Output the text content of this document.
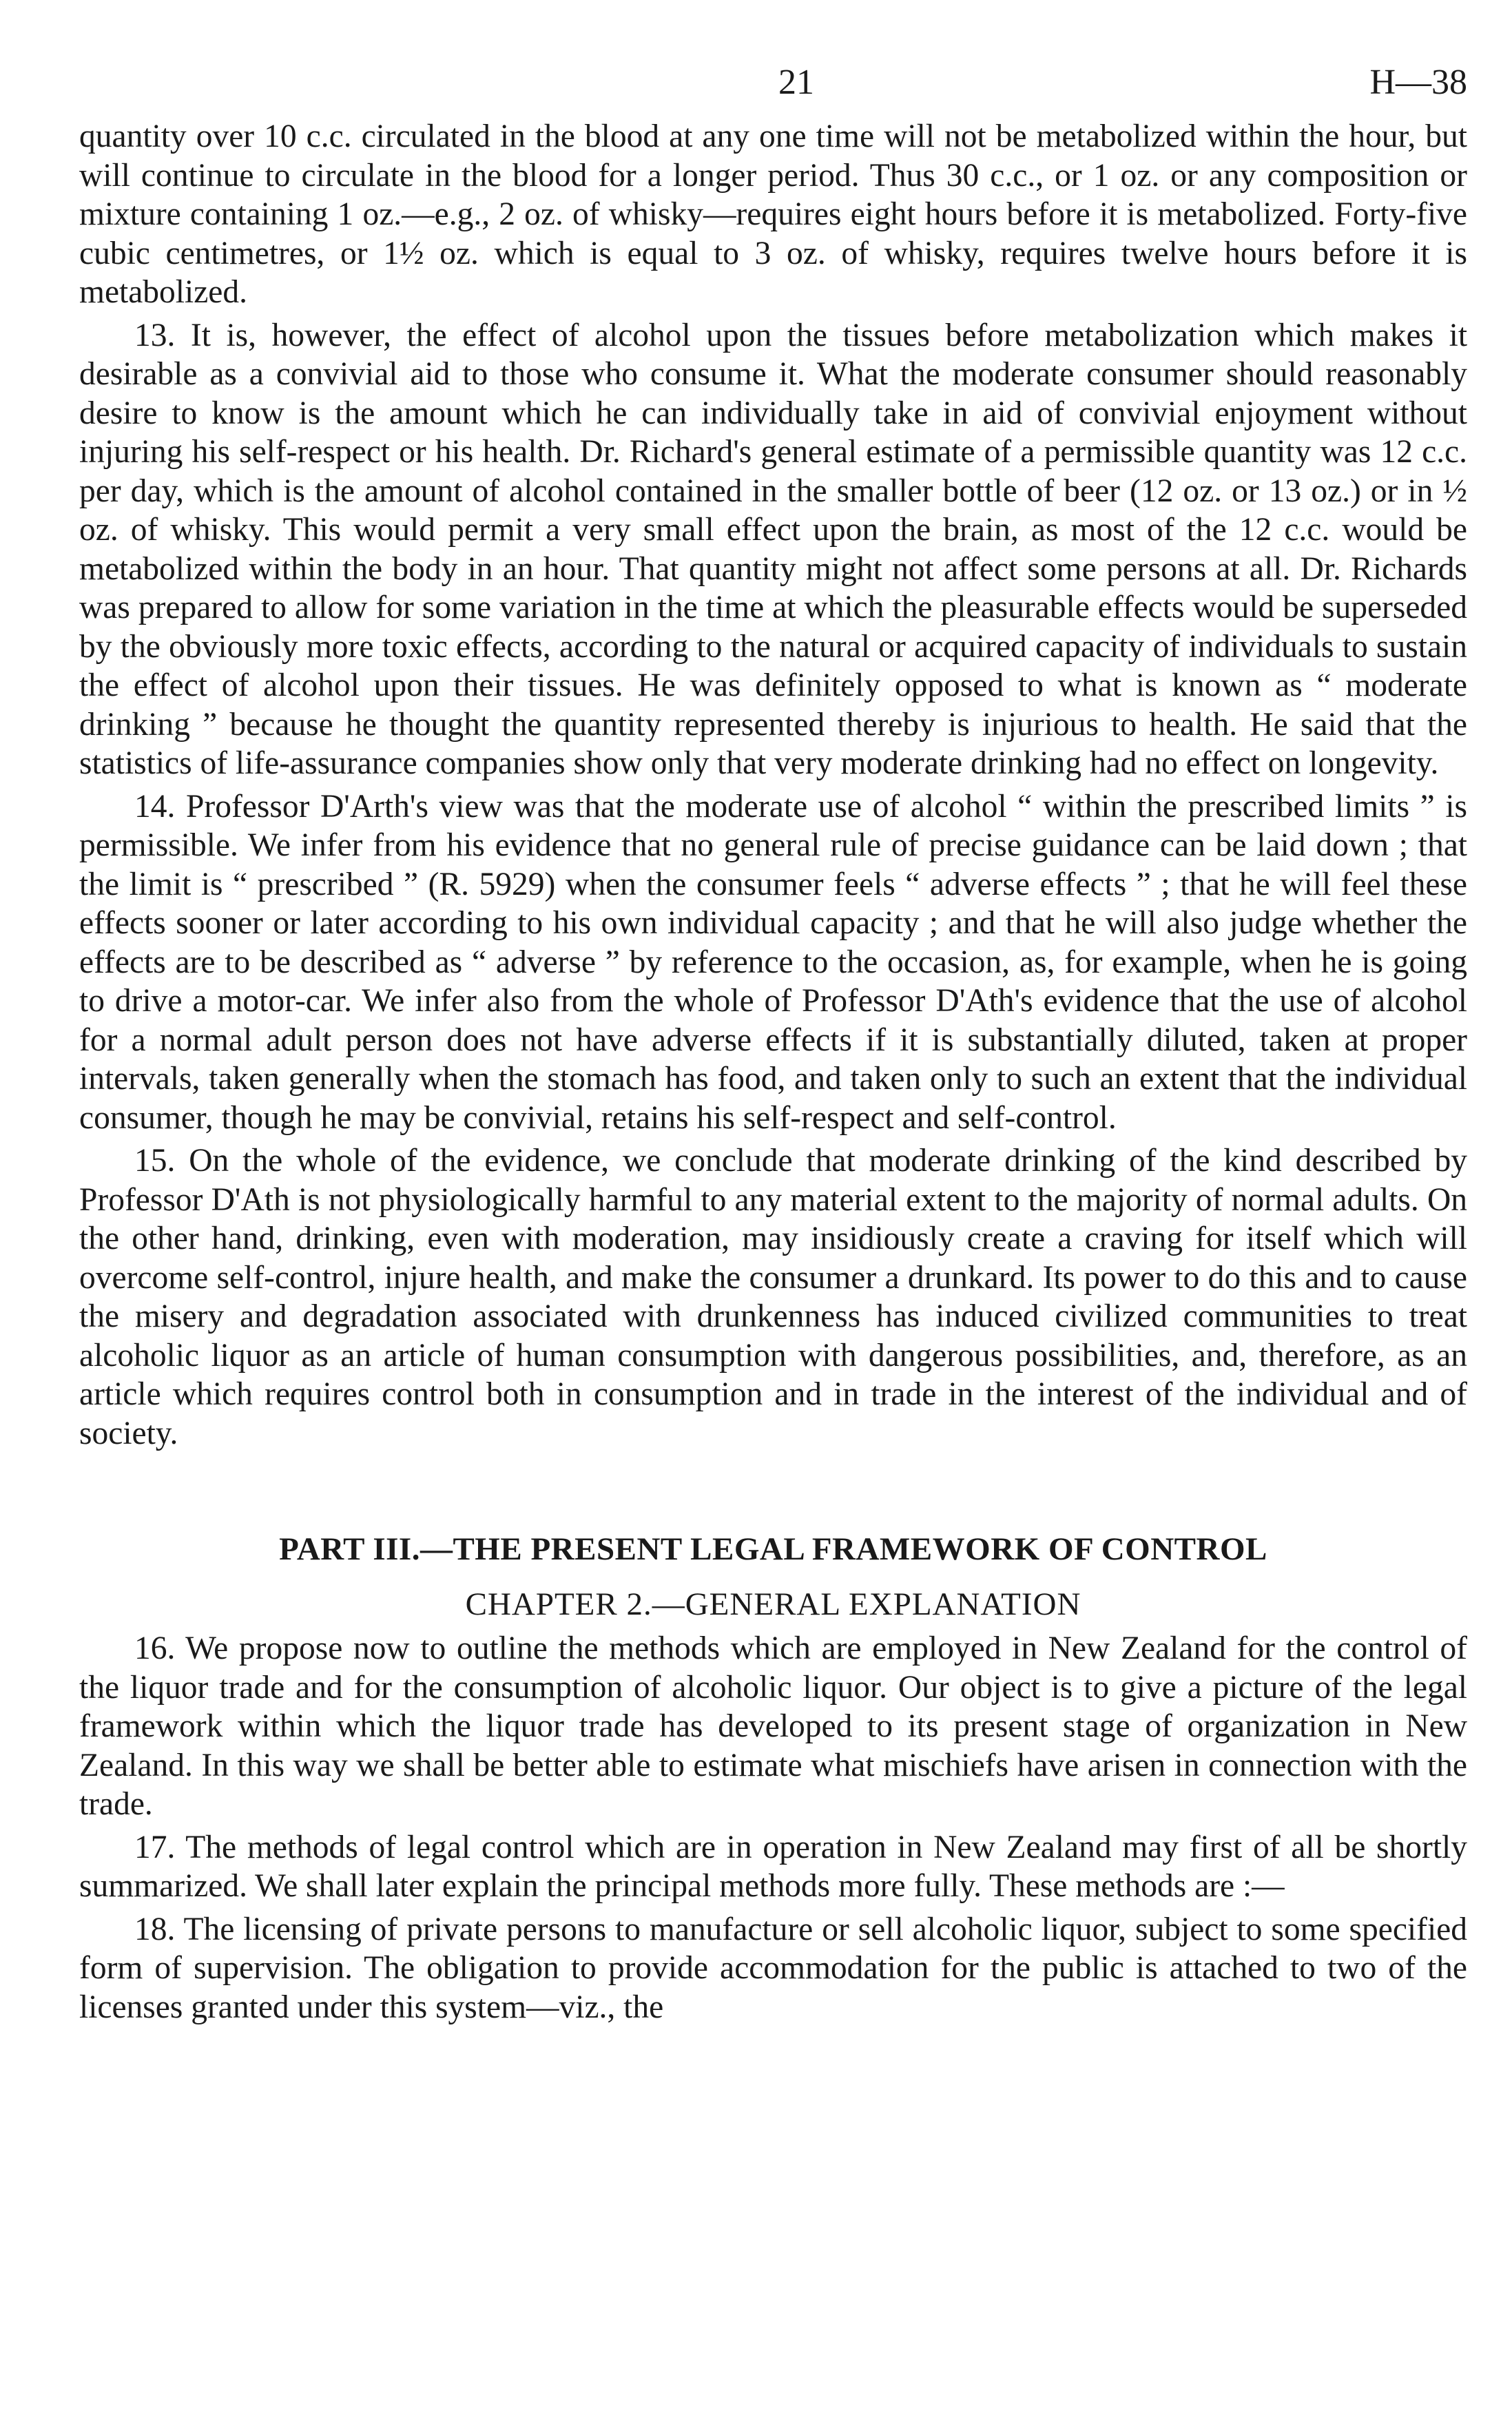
21	H—38

quantity over 10 c.c. circulated in the blood at any one time will not be metabolized within the hour, but will continue to circulate in the blood for a longer period. Thus 30 c.c., or 1 oz. or any composition or mixture containing 1 oz.—e.g., 2 oz. of whisky—requires eight hours before it is metabolized. Forty-five cubic centimetres, or 1½ oz. which is equal to 3 oz. of whisky, requires twelve hours before it is metabolized.

13. It is, however, the effect of alcohol upon the tissues before metabolization which makes it desirable as a convivial aid to those who consume it. What the moderate consumer should reasonably desire to know is the amount which he can individually take in aid of convivial enjoyment without injuring his self-respect or his health. Dr. Richard's general estimate of a permissible quantity was 12 c.c. per day, which is the amount of alcohol contained in the smaller bottle of beer (12 oz. or 13 oz.) or in ½ oz. of whisky. This would permit a very small effect upon the brain, as most of the 12 c.c. would be metabolized within the body in an hour. That quantity might not affect some persons at all. Dr. Richards was prepared to allow for some variation in the time at which the pleasurable effects would be superseded by the obviously more toxic effects, according to the natural or acquired capacity of individuals to sustain the effect of alcohol upon their tissues. He was definitely opposed to what is known as “ moderate drinking ” because he thought the quantity represented thereby is injurious to health. He said that the statistics of life-assurance companies show only that very moderate drinking had no effect on longevity.

14. Professor D'Arth's view was that the moderate use of alcohol “ within the prescribed limits ” is permissible. We infer from his evidence that no general rule of precise guidance can be laid down ; that the limit is “ prescribed ” (R. 5929) when the consumer feels “ adverse effects ” ; that he will feel these effects sooner or later according to his own individual capacity ; and that he will also judge whether the effects are to be described as “ adverse ” by reference to the occasion, as, for example, when he is going to drive a motor-car. We infer also from the whole of Professor D'Ath's evidence that the use of alcohol for a normal adult person does not have adverse effects if it is substantially diluted, taken at proper intervals, taken generally when the stomach has food, and taken only to such an extent that the individual consumer, though he may be convivial, retains his self-respect and self-control.

15. On the whole of the evidence, we conclude that moderate drinking of the kind described by Professor D'Ath is not physiologically harmful to any material extent to the majority of normal adults. On the other hand, drinking, even with moderation, may insidiously create a craving for itself which will overcome self-control, injure health, and make the consumer a drunkard. Its power to do this and to cause the misery and degradation associated with drunkenness has induced civilized communities to treat alcoholic liquor as an article of human consumption with dangerous possibilities, and, therefore, as an article which requires control both in consumption and in trade in the interest of the individual and of society.

PART III.—THE PRESENT LEGAL FRAMEWORK OF CONTROL
CHAPTER 2.—GENERAL EXPLANATION

16. We propose now to outline the methods which are employed in New Zealand for the control of the liquor trade and for the consumption of alcoholic liquor. Our object is to give a picture of the legal framework within which the liquor trade has developed to its present stage of organization in New Zealand. In this way we shall be better able to estimate what mischiefs have arisen in connection with the trade.

17. The methods of legal control which are in operation in New Zealand may first of all be shortly summarized. We shall later explain the principal methods more fully. These methods are :—

18. The licensing of private persons to manufacture or sell alcoholic liquor, subject to some specified form of supervision. The obligation to provide accommodation for the public is attached to two of the licenses granted under this system—viz., the
